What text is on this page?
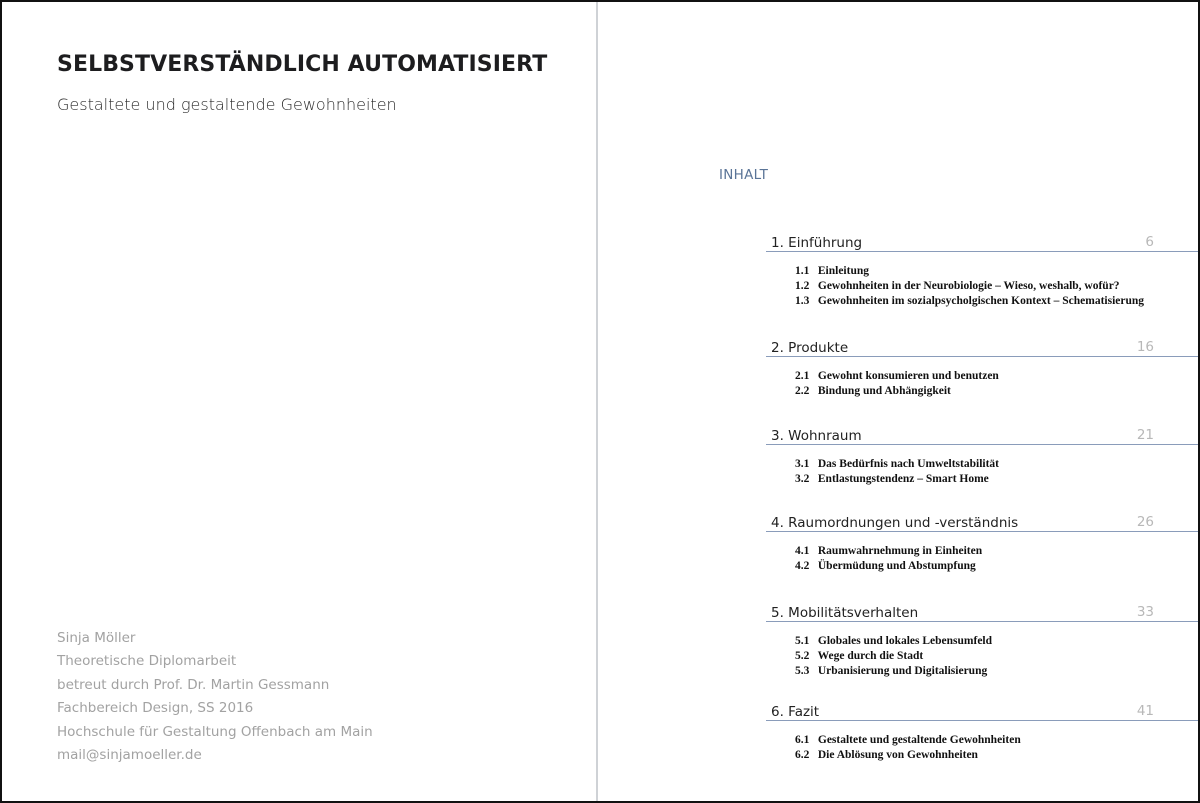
SELBSTVERSTÄNDLICH AUTOMATISIERT
Gestaltete und gestaltende Gewohnheiten
Sinja Möller
Theoretische Diplomarbeit
betreut durch Prof. Dr. Martin Gessmann
Fachbereich Design, SS 2016
Hochschule für Gestaltung Offenbach am Main
mail@sinjamoeller.de
INHALT
1. Einführung	6
1.1 Einleitung
1.2 Gewohnheiten in der Neurobiologie – Wieso, weshalb, wofür?
1.3 Gewohnheiten im sozialpsycholgischen Kontext – Schematisierung
2. Produkte	16
2.1 Gewohnt konsumieren und benutzen
2.2 Bindung und Abhängigkeit
3. Wohnraum	21
3.1 Das Bedürfnis nach Umweltstabilität
3.2 Entlastungstendenz – Smart Home
4. Raumordnungen und -verständnis	26
4.1 Raumwahrnehmung in Einheiten
4.2 Übermüdung und Abstumpfung
5. Mobilitätsverhalten	33
5.1 Globales und lokales Lebensumfeld
5.2 Wege durch die Stadt
5.3 Urbanisierung und Digitalisierung
6. Fazit	41
6.1 Gestaltete und gestaltende Gewohnheiten
6.2 Die Ablösung von Gewohnheiten
